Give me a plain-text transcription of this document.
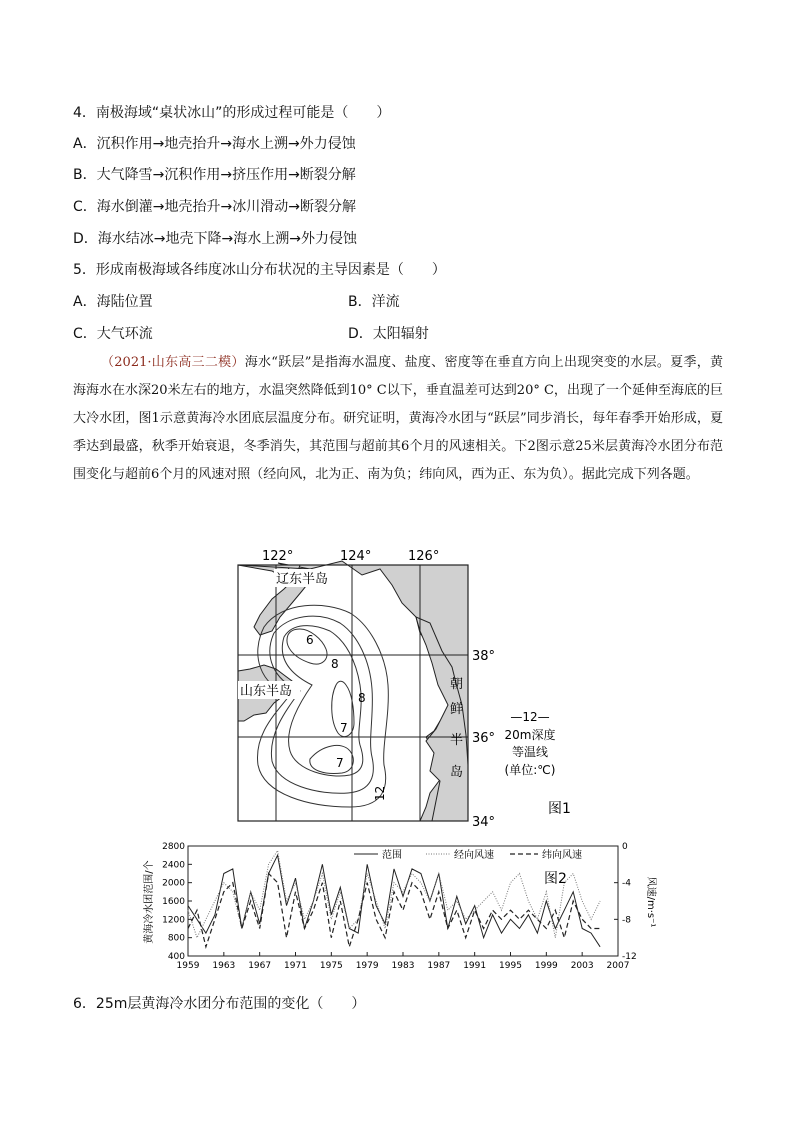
4．南极海域“桌状冰山”的形成过程可能是（　　）
A．沉积作用→地壳抬升→海水上溯→外力侵蚀
B．大气降雪→沉积作用→挤压作用→断裂分解
C．海水倒灌→地壳抬升→冰川滑动→断裂分解
D．海水结冰→地壳下降→海水上溯→外力侵蚀
5．形成南极海域各纬度冰山分布状况的主导因素是（　　）
A．海陆位置	B．洋流
C．大气环流	D．太阳辐射
（2021·山东高三二模）海水“跃层”是指海水温度、盐度、密度等在垂直方向上出现突变的水层。夏季，黄海海水在水深20米左右的地方，水温突然降低到10° C以下，垂直温差可达到20° C，出现了一个延伸至海底的巨大冷水团，图1示意黄海冷水团底层温度分布。研究证明，黄海冷水团与“跃层”同步消长，每年春季开始形成，夏季达到最盛，秋季开始衰退，冬季消失，其范围与超前其6个月的风速相关。下2图示意25米层黄海冷水团分布范围变化与超前6个月的风速对照（经向风，北为正、南为负；纬向风，西为正、东为负）。据此完成下列各题。
6
8
8
7
7
12
122°	124°	126°
38°
36°
34°
辽东半岛
山东半岛	朝
鲜
半
岛
—12—
20m深度
等温线
(单位:℃)
图1
黄海冷水团范围/个	风速/m·s⁻¹
1959 1963 1967 1971 1975 1979 1983 1987 1991 1995 1999 2003 2007
400
800
1200
1600
2000
2400
2800
-12
-8
-4
0
范围	经向风速	纬向风速
图2
6．25m层黄海冷水团分布范围的变化（　　）
